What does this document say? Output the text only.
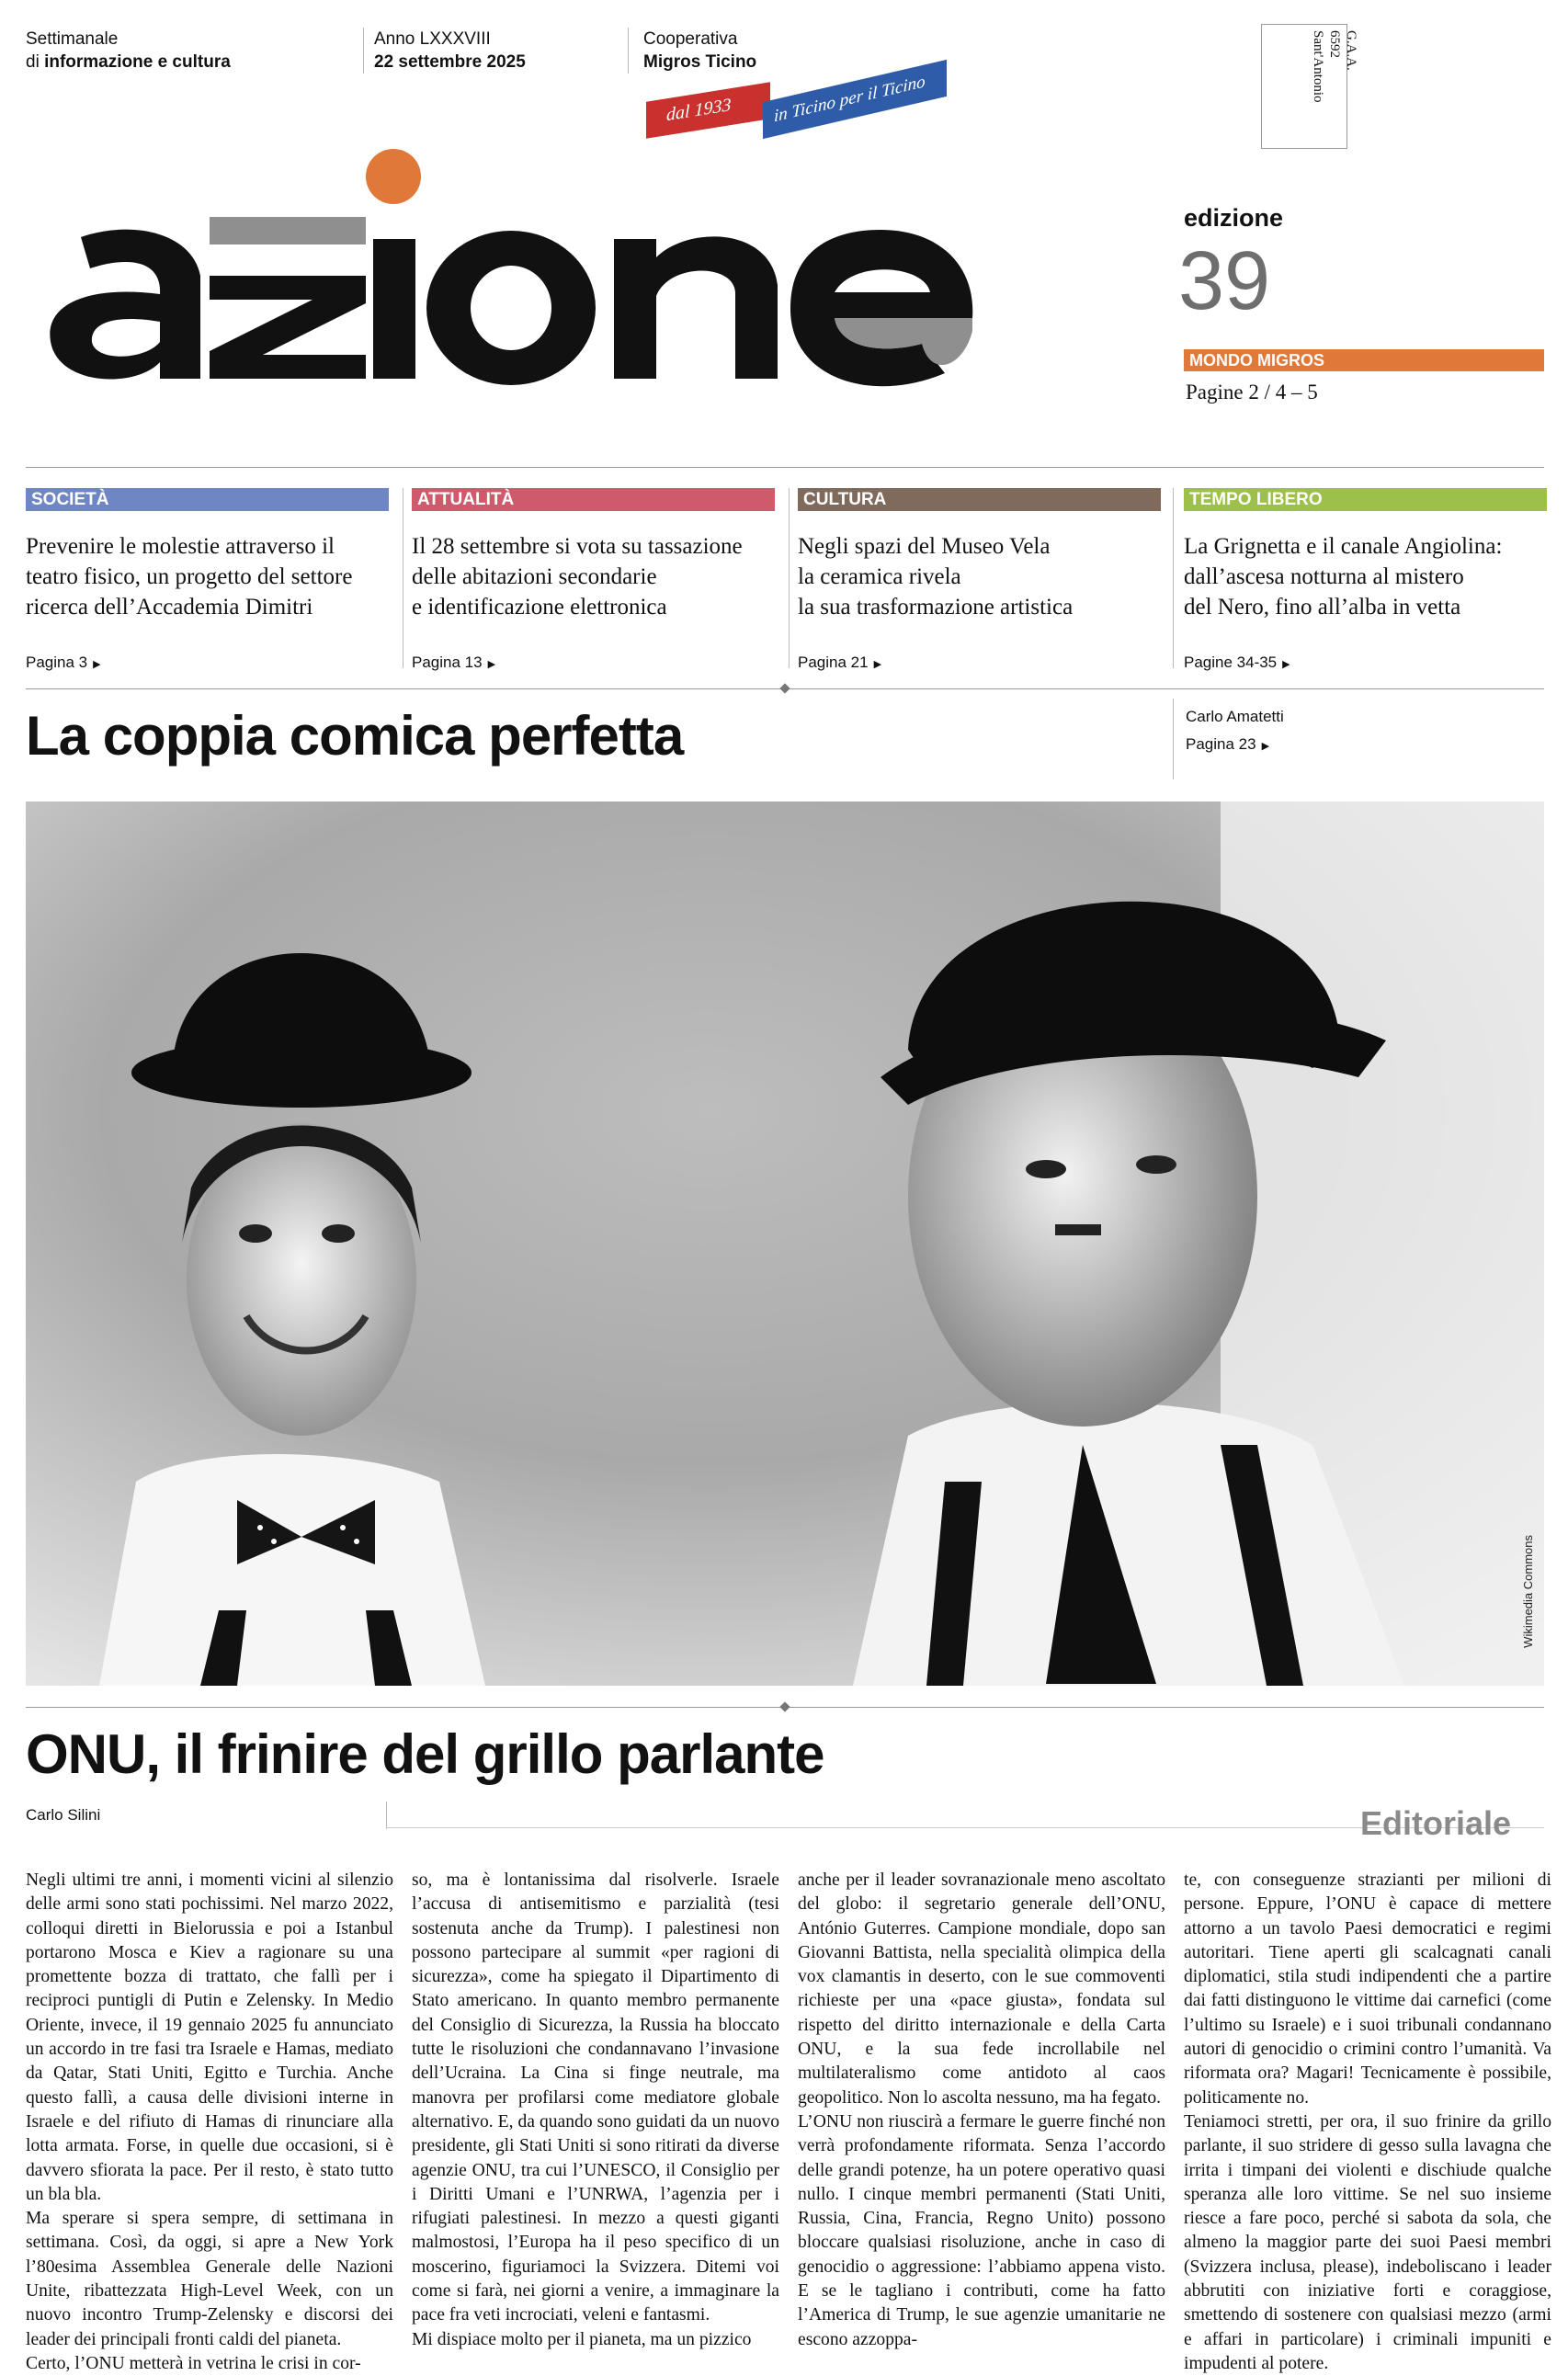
Settimanale
di informazione e cultura
Anno LXXXVIII
22 settembre 2025
Cooperativa
Migros Ticino
dal 1933	in Ticino per il Ticino
G.A.A.
6592
Sant'Antonio
edizione
39
MONDO MIGROS
Pagine 2 / 4 – 5
SOCIETÀ
Prevenire le molestie attraverso il
teatro fisico, un progetto del settore
ricerca dell’Accademia Dimitri
Pagina 3 ▶
ATTUALITÀ
Il 28 settembre si vota su tassazione
delle abitazioni secondarie
e identificazione elettronica
Pagina 13 ▶
CULTURA
Negli spazi del Museo Vela
la ceramica rivela
la sua trasformazione artistica
Pagina 21 ▶
TEMPO LIBERO
La Grignetta e il canale Angiolina:
dall’ascesa notturna al mistero
del Nero, fino all’alba in vetta
Pagine 34-35 ▶
La coppia comica perfetta	Carlo Amatetti
Pagina 23 ▶
Wikimedia Commons
ONU, il frinire del grillo parlante
Carlo Silini	Editoriale

Negli ultimi tre anni, i momenti vicini al silenzio delle armi sono stati pochissimi. Nel marzo 2022, colloqui diretti in Bielorussia e poi a Istanbul portarono Mosca e Kiev a ragionare su una promettente bozza di trattato, che fallì per i reciproci puntigli di Putin e Zelensky. In Medio Oriente, invece, il 19 gennaio 2025 fu annunciato un accordo in tre fasi tra Israele e Hamas, mediato da Qatar, Stati Uniti, Egitto e Turchia. Anche questo fallì, a causa delle divisioni interne in Israele e del rifiuto di Hamas di rinunciare alla lotta armata. Forse, in quelle due occasioni, si è davvero sfiorata la pace. Per il resto, è stato tutto un bla bla.
Ma sperare si spera sempre, di settimana in settimana. Così, da oggi, si apre a New York l’80esima Assemblea Generale delle Nazioni Unite, ribattezzata High-Level Week, con un nuovo incontro Trump-Zelensky e discorsi dei leader dei principali fronti caldi del pianeta.
Certo, l’ONU metterà in vetrina le crisi in cor-

so, ma è lontanissima dal risolverle. Israele l’accusa di antisemitismo e parzialità (tesi sostenuta anche da Trump). I palestinesi non possono partecipare al summit «per ragioni di sicurezza», come ha spiegato il Dipartimento di Stato americano. In quanto membro permanente del Consiglio di Sicurezza, la Russia ha bloccato tutte le risoluzioni che condannavano l’invasione dell’Ucraina. La Cina si finge neutrale, ma manovra per profilarsi come mediatore globale alternativo. E, da quando sono guidati da un nuovo presidente, gli Stati Uniti si sono ritirati da diverse agenzie ONU, tra cui l’UNESCO, il Consiglio per i Diritti Umani e l’UNRWA, l’agenzia per i rifugiati palestinesi. In mezzo a questi giganti malmostosi, l’Europa ha il peso specifico di un moscerino, figuriamoci la Svizzera. Ditemi voi come si farà, nei giorni a venire, a immaginare la pace fra veti incrociati, veleni e fantasmi.
Mi dispiace molto per il pianeta, ma un pizzico

anche per il leader sovranazionale meno ascoltato del globo: il segretario generale dell’ONU, António Guterres. Campione mondiale, dopo san Giovanni Battista, nella specialità olimpica della vox clamantis in deserto, con le sue commoventi richieste per una «pace giusta», fondata sul rispetto del diritto internazionale e della Carta ONU, e la sua fede incrollabile nel multilateralismo come antidoto al caos geopolitico. Non lo ascolta nessuno, ma ha fegato.
L’ONU non riuscirà a fermare le guerre finché non verrà profondamente riformata. Senza l’accordo delle grandi potenze, ha un potere operativo quasi nullo. I cinque membri permanenti (Stati Uniti, Russia, Cina, Francia, Regno Unito) possono bloccare qualsiasi risoluzione, anche in caso di genocidio o aggressione: l’abbiamo appena visto. E se le tagliano i contributi, come ha fatto l’America di Trump, le sue agenzie umanitarie ne escono azzoppa-

te, con conseguenze strazianti per milioni di persone. Eppure, l’ONU è capace di mettere attorno a un tavolo Paesi democratici e regimi autoritari. Tiene aperti gli scalcagnati canali diplomatici, stila studi indipendenti che a partire dai fatti distinguono le vittime dai carnefici (come l’ultimo su Israele) e i suoi tribunali condannano autori di genocidio o crimini contro l’umanità. Va riformata ora? Magari! Tecnicamente è possibile, politicamente no.
Teniamoci stretti, per ora, il suo frinire da grillo parlante, il suo stridere di gesso sulla lavagna che irrita i timpani dei violenti e dischiude qualche speranza alle loro vittime. Se nel suo insieme riesce a fare poco, perché si sabota da sola, che almeno la maggior parte dei suoi Paesi membri (Svizzera inclusa, please), indeboliscano i leader abbrutiti con iniziative forti e coraggiose, smettendo di sostenere con qualsiasi mezzo (armi e affari in particolare) i criminali impuniti e impudenti al potere.
